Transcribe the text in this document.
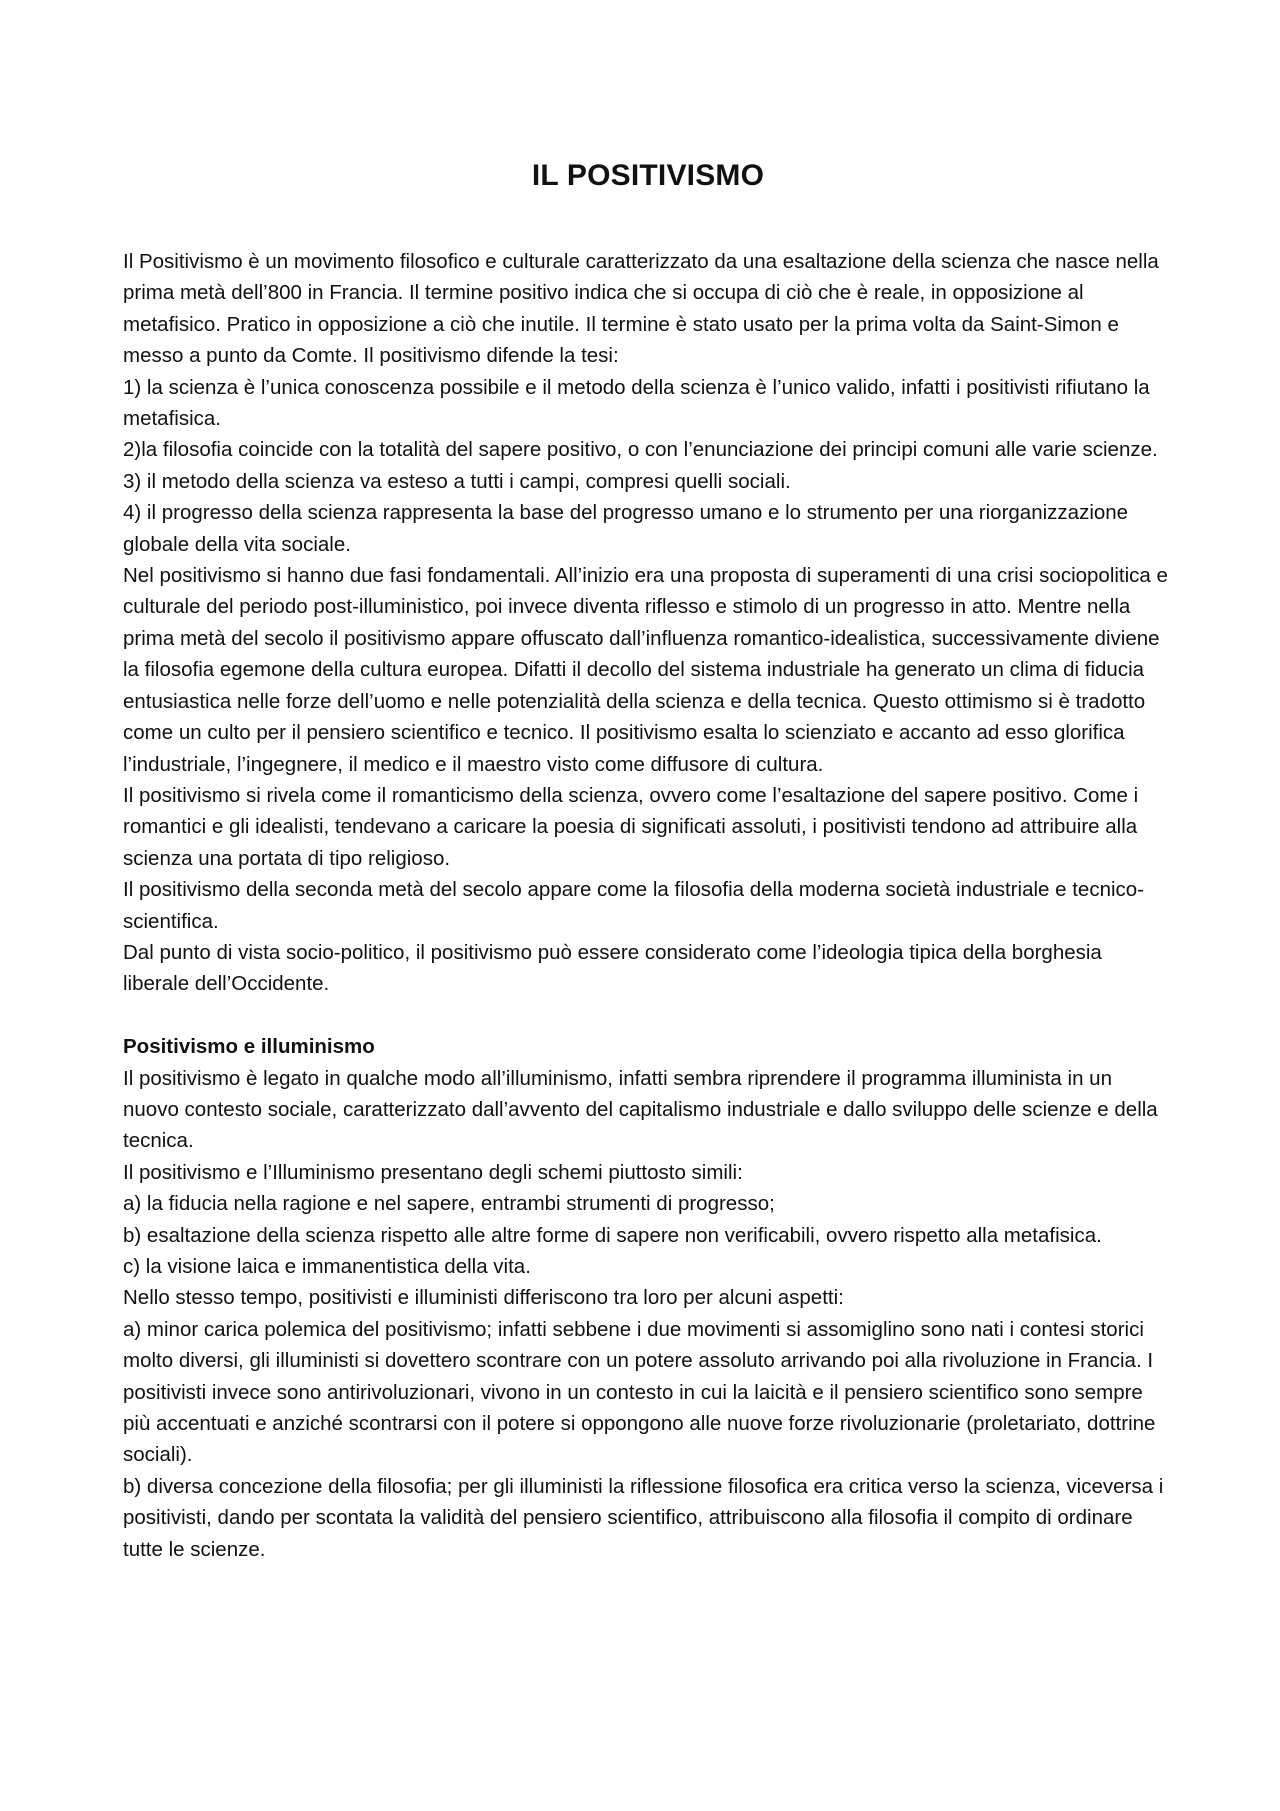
IL POSITIVISMO

Il Positivismo è un movimento filosofico e culturale caratterizzato da una esaltazione della scienza che nasce nella prima metà dell’800 in Francia. Il termine positivo indica che si occupa di ciò che è reale, in opposizione al metafisico. Pratico in opposizione a ciò che inutile. Il termine è stato usato per la prima volta da Saint-Simon e messo a punto da Comte. Il positivismo difende la tesi:

1) la scienza è l’unica conoscenza possibile e il metodo della scienza è l’unico valido, infatti i positivisti rifiutano la metafisica.

2)la filosofia coincide con la totalità del sapere positivo, o con l’enunciazione dei principi comuni alle varie scienze.

3) il metodo della scienza va esteso a tutti i campi, compresi quelli sociali.

4) il progresso della scienza rappresenta la base del progresso umano e lo strumento per una riorganizzazione globale della vita sociale.

Nel positivismo si hanno due fasi fondamentali. All’inizio era una proposta di superamenti di una crisi sociopolitica e culturale del periodo post-illuministico, poi invece diventa riflesso e stimolo di un progresso in atto. Mentre nella prima metà del secolo il positivismo appare offuscato dall’influenza romantico-idealistica, successivamente diviene la filosofia egemone della cultura europea. Difatti il decollo del sistema industriale ha generato un clima di fiducia entusiastica nelle forze dell’uomo e nelle potenzialità della scienza e della tecnica. Questo ottimismo si è tradotto come un culto per il pensiero scientifico e tecnico. Il positivismo esalta lo scienziato e accanto ad esso glorifica l’industriale, l’ingegnere, il medico e il maestro visto come diffusore di cultura.

Il positivismo si rivela come il romanticismo della scienza, ovvero come l’esaltazione del sapere positivo. Come i romantici e gli idealisti, tendevano a caricare la poesia di significati assoluti, i positivisti tendono ad attribuire alla scienza una portata di tipo religioso.

Il positivismo della seconda metà del secolo appare come la filosofia della moderna società industriale e tecnico-scientifica.

Dal punto di vista socio-politico, il positivismo può essere considerato come l’ideologia tipica della borghesia liberale dell’Occidente.

Positivismo e illuminismo

Il positivismo è legato in qualche modo all’illuminismo, infatti sembra riprendere il programma illuminista in un nuovo contesto sociale, caratterizzato dall’avvento del capitalismo industriale e dallo sviluppo delle scienze e della tecnica.

Il positivismo e l’Illuminismo presentano degli schemi piuttosto simili:

a) la fiducia nella ragione e nel sapere, entrambi strumenti di progresso;

b) esaltazione della scienza rispetto alle altre forme di sapere non verificabili, ovvero rispetto alla metafisica.

c) la visione laica e immanentistica della vita.

Nello stesso tempo, positivisti e illuministi differiscono tra loro per alcuni aspetti:

a) minor carica polemica del positivismo; infatti sebbene i due movimenti si assomiglino sono nati i contesi storici molto diversi, gli illuministi si dovettero scontrare con un potere assoluto arrivando poi alla rivoluzione in Francia. I positivisti invece sono antirivoluzionari, vivono in un contesto in cui la laicità e il pensiero scientifico sono sempre più accentuati e anziché scontrarsi con il potere si oppongono alle nuove forze rivoluzionarie (proletariato, dottrine sociali).

b) diversa concezione della filosofia; per gli illuministi la riflessione filosofica era critica verso la scienza, viceversa i positivisti, dando per scontata la validità del pensiero scientifico, attribuiscono alla filosofia il compito di ordinare tutte le scienze.
